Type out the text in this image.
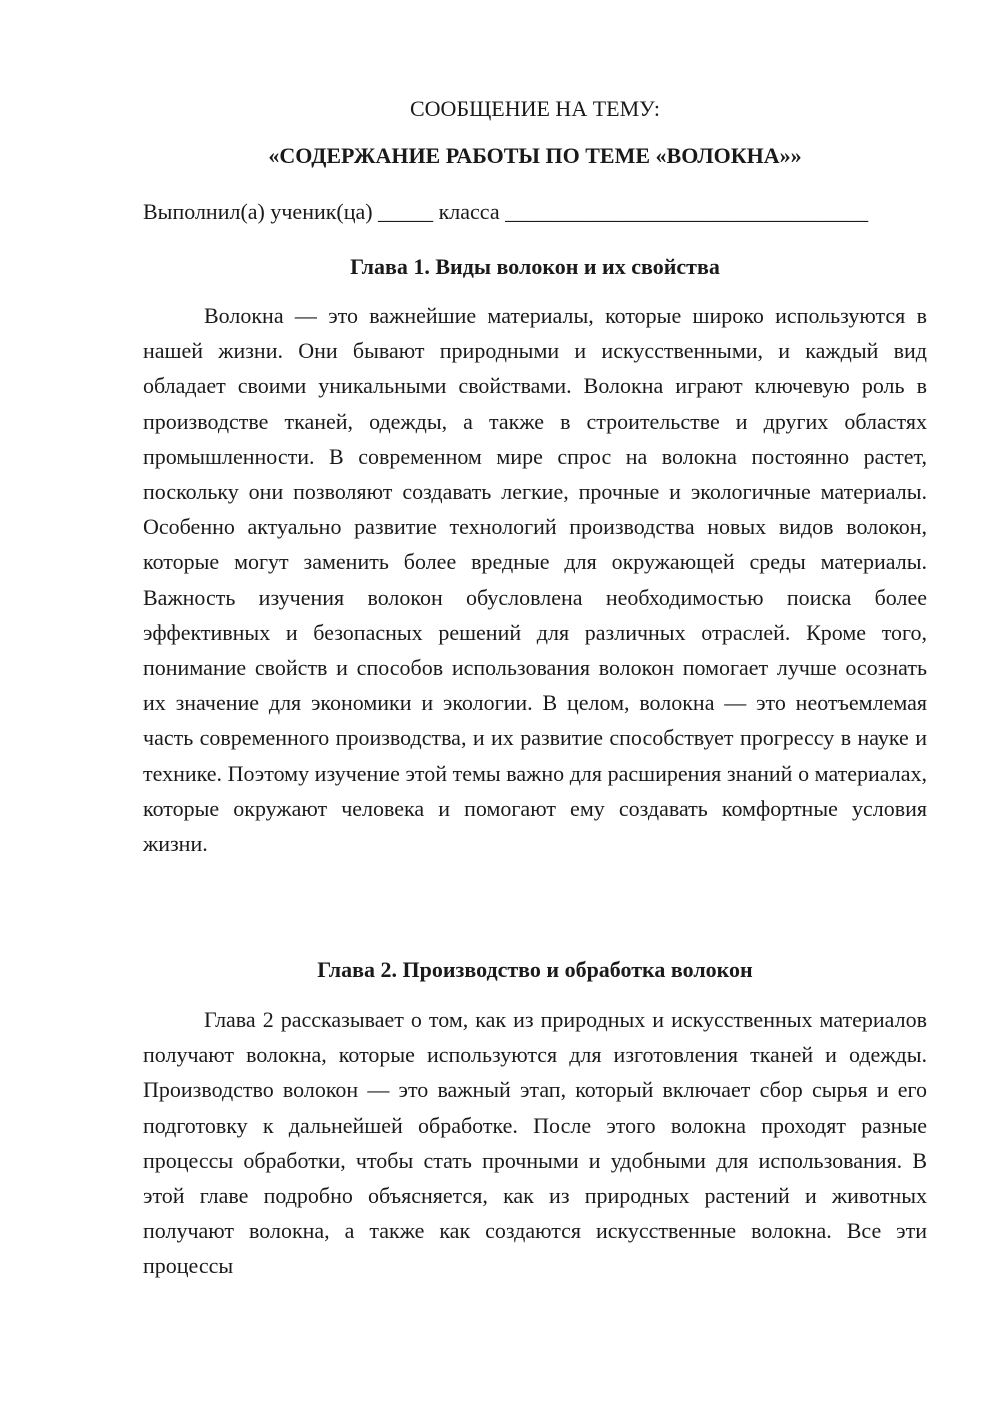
СООБЩЕНИЕ НА ТЕМУ:
«СОДЕРЖАНИЕ РАБОТЫ ПО ТЕМЕ «ВОЛОКНА»»
Выполнил(а) ученик(ца) _____ класса _________________________________
Глава 1. Виды волокон и их свойства

Волокна — это важнейшие материалы, которые широко используются в нашей жизни. Они бывают природными и искусственными, и каждый вид обладает своими уникальными свойствами. Волокна играют ключевую роль в производстве тканей, одежды, а также в строительстве и других областях промышленности. В современном мире спрос на волокна постоянно растет, поскольку они позволяют создавать легкие, прочные и экологичные материалы. Особенно актуально развитие технологий производства новых видов волокон, которые могут заменить более вредные для окружающей среды материалы. Важность изучения волокон обусловлена необходимостью поиска более эффективных и безопасных решений для различных отраслей. Кроме того, понимание свойств и способов использования волокон помогает лучше осознать их значение для экономики и экологии. В целом, волокна — это неотъемлемая часть современного производства, и их развитие способствует прогрессу в науке и технике. Поэтому изучение этой темы важно для расширения знаний о материалах, которые окружают человека и помогают ему создавать комфортные условия жизни.

Глава 2. Производство и обработка волокон

Глава 2 рассказывает о том, как из природных и искусственных материалов получают волокна, которые используются для изготовления тканей и одежды. Производство волокон — это важный этап, который включает сбор сырья и его подготовку к дальнейшей обработке. После этого волокна проходят разные процессы обработки, чтобы стать прочными и удобными для использования. В этой главе подробно объясняется, как из природных растений и животных получают волокна, а также как создаются искусственные волокна. Все эти процессы
